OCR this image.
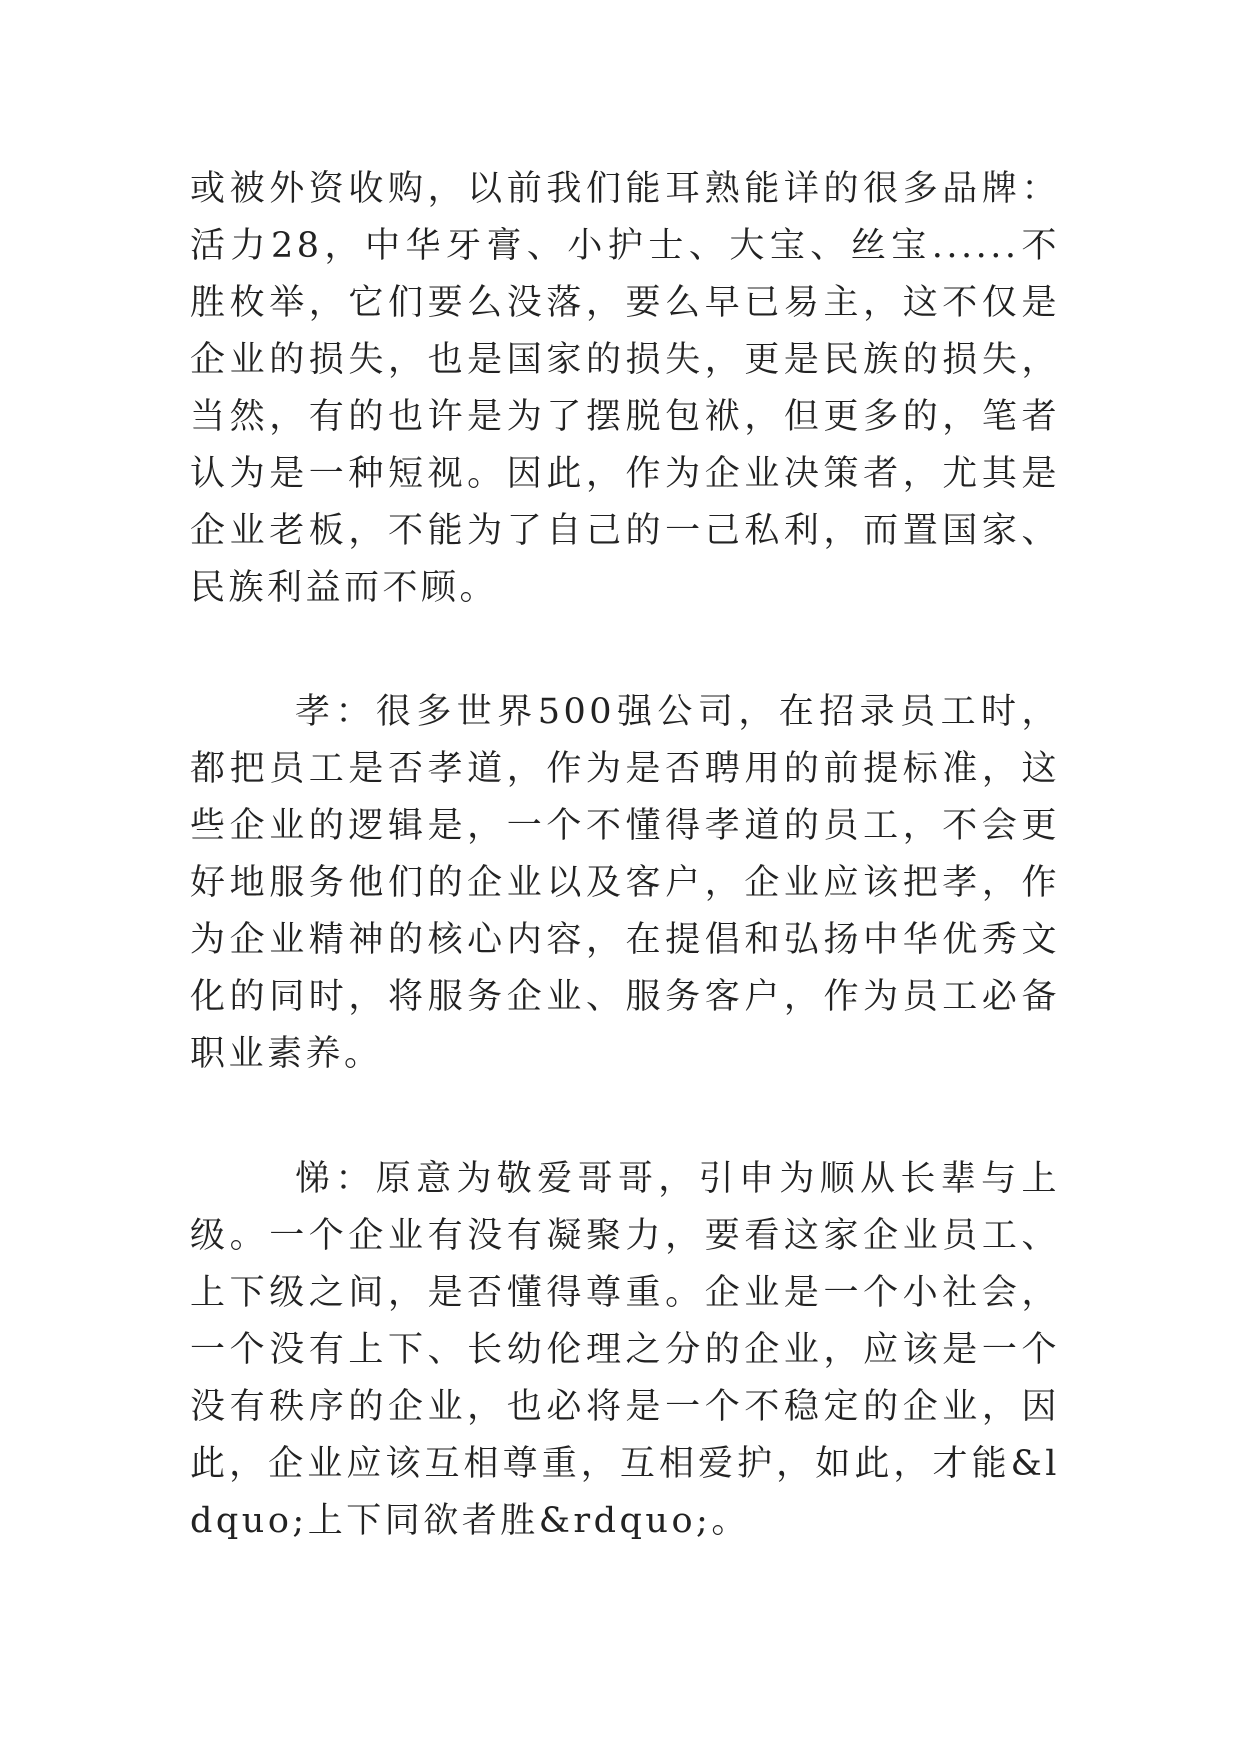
或被外资收购，以前我们能耳熟能详的很多品牌：活力28，中华牙膏、小护士、大宝、丝宝......不胜枚举，它们要么没落，要么早已易主，这不仅是企业的损失，也是国家的损失，更是民族的损失，当然，有的也许是为了摆脱包袱，但更多的，笔者认为是一种短视。因此，作为企业决策者，尤其是企业老板，不能为了自己的一己私利，而置国家、民族利益而不顾。

孝：很多世界500强公司，在招录员工时，都把员工是否孝道，作为是否聘用的前提标准，这些企业的逻辑是，一个不懂得孝道的员工，不会更好地服务他们的企业以及客户，企业应该把孝，作为企业精神的核心内容，在提倡和弘扬中华优秀文化的同时，将服务企业、服务客户，作为员工必备职业素养。

悌：原意为敬爱哥哥，引申为顺从长辈与上级。一个企业有没有凝聚力，要看这家企业员工、上下级之间，是否懂得尊重。企业是一个小社会，一个没有上下、长幼伦理之分的企业，应该是一个没有秩序的企业，也必将是一个不稳定的企业，因此，企业应该互相尊重，互相爱护，如此，才能&ldquo;上下同欲者胜&rdquo;。
